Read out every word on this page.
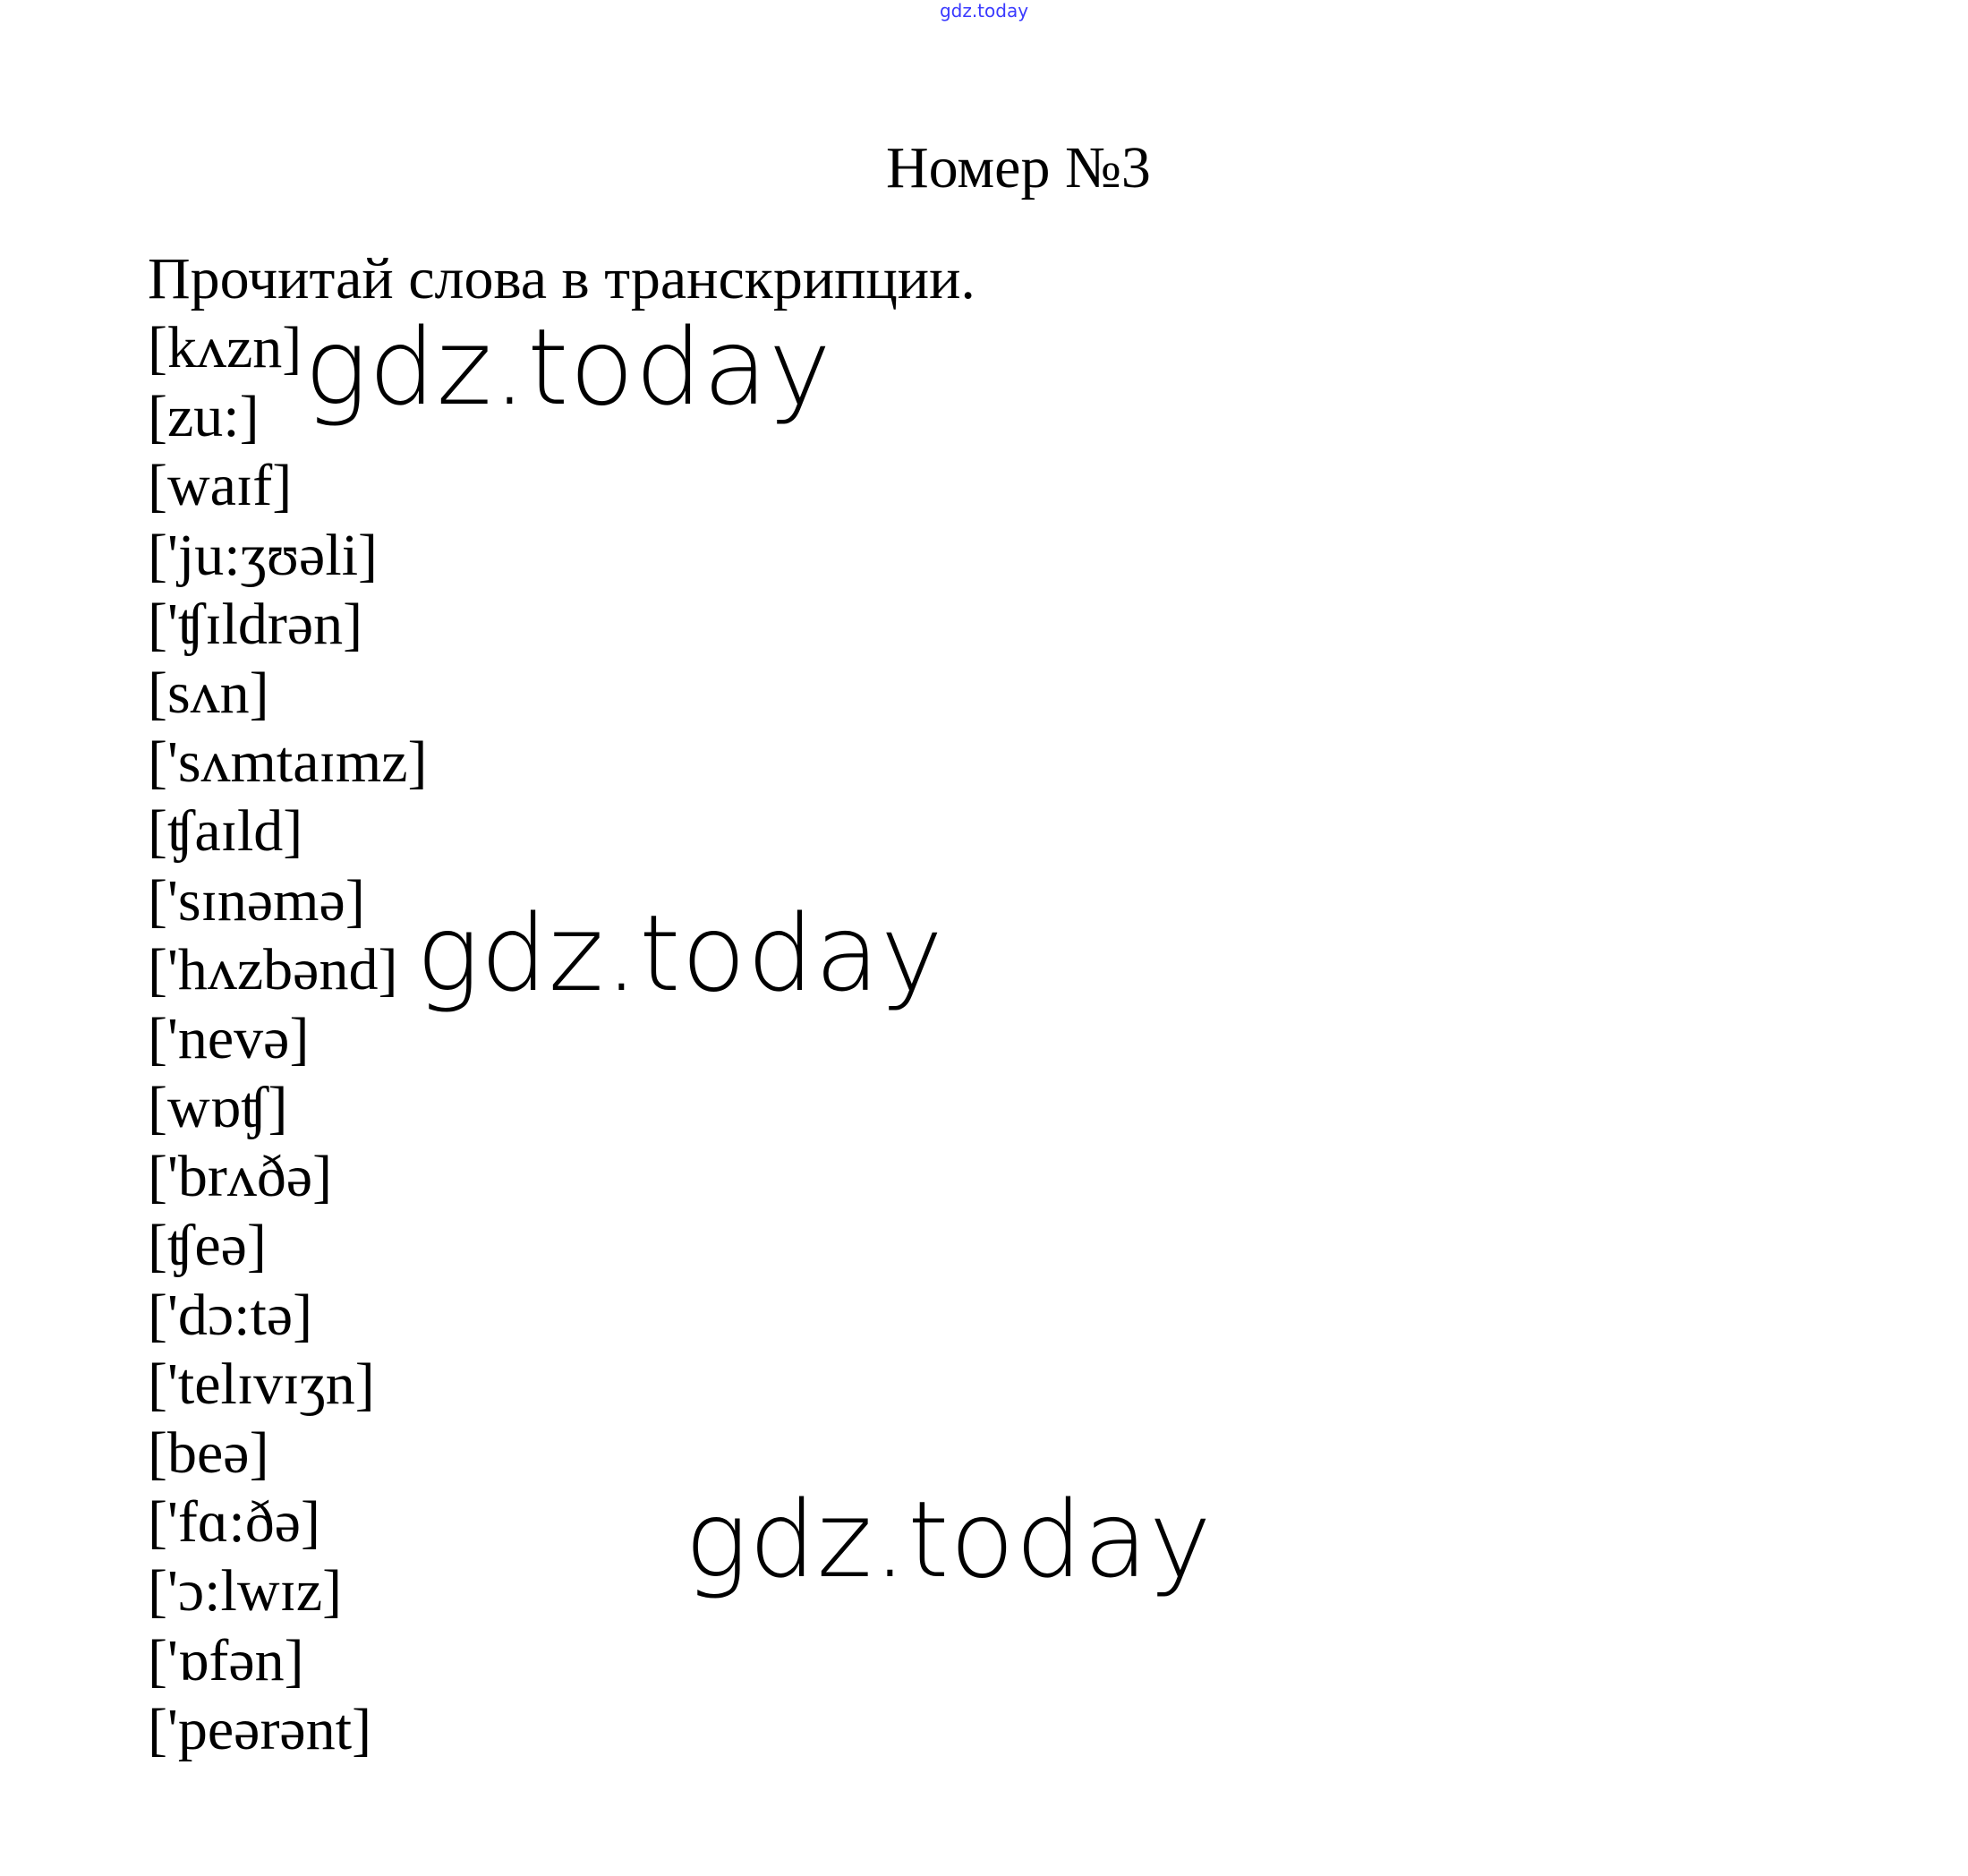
gdz.today
Номер №3
Прочитай слова в транскрипции.
[kʌzn]
[zu:]
[waɪf]
['ju:ʒʊəli]
['ʧɪldrən]
[sʌn]
['sʌmtaɪmz]
[ʧaɪld]
['sɪnəmə]
['hʌzbənd]
['nevə]
[wɒʧ]
['brʌðə]
[ʧeə]
['dɔ:tə]
['telɪvɪʒn]
[beə]
['fɑ:ðə]
['ɔ:lwɪz]
['ɒfən]
['peərənt]
gdz.today
gdz.today
gdz.today
